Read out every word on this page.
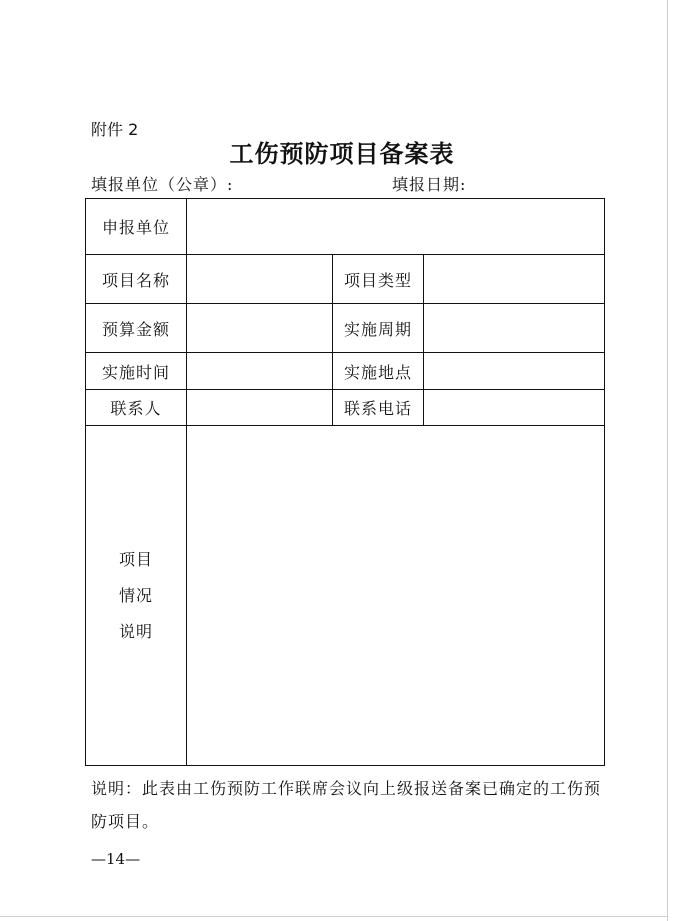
附件 2
工伤预防项目备案表
填报单位（公章）:	填报日期:
申报单位			
项目名称		项目类型	
预算金额		实施周期	
实施时间		实施地点	
联系人		联系电话	

项目
情况
说明			

说明：此表由工伤预防工作联席会议向上级报送备案已确定的工伤预防项目。
—14—
